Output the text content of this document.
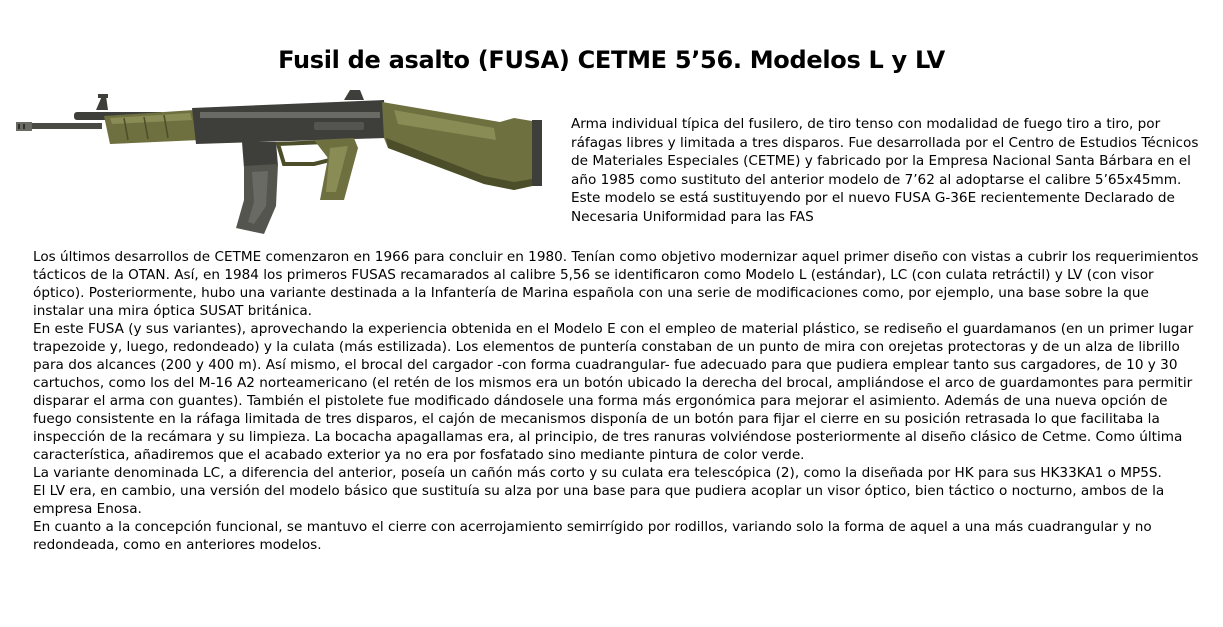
Fusil de asalto (FUSA) CETME 5’56. Modelos L y LV
Arma individual típica del fusilero, de tiro tenso con modalidad de fuego tiro a tiro, por ráfagas libres y limitada a tres disparos. Fue desarrollada por el Centro de Estudios Técnicos de Materiales Especiales (CETME) y fabricado por la Empresa Nacional Santa Bárbara en el año 1985 como sustituto del anterior modelo de 7’62 al adoptarse el calibre 5’65x45mm. Este modelo se está sustituyendo por el nuevo FUSA G-36E recientemente Declarado de Necesaria Uniformidad para las FAS

Los últimos desarrollos de CETME comenzaron en 1966 para concluir en 1980. Tenían como objetivo modernizar aquel primer diseño con vistas a cubrir los requerimientos tácticos de la OTAN. Así, en 1984 los primeros FUSAS recamarados al calibre 5,56 se identificaron como Modelo L (estándar), LC (con culata retráctil) y LV (con visor óptico). Posteriormente, hubo una variante destinada a la Infantería de Marina española con una serie de modificaciones como, por ejemplo, una base sobre la que instalar una mira óptica SUSAT británica.

En este FUSA (y sus variantes), aprovechando la experiencia obtenida en el Modelo E con el empleo de material plástico, se rediseño el guardamanos (en un primer lugar trapezoide y, luego, redondeado) y la culata (más estilizada). Los elementos de puntería constaban de un punto de mira con orejetas protectoras y de un alza de librillo para dos alcances (200 y 400 m). Así mismo, el brocal del cargador -con forma cuadrangular- fue adecuado para que pudiera emplear tanto sus cargadores, de 10 y 30 cartuchos, como los del M-16 A2 norteamericano (el retén de los mismos era un botón ubicado la derecha del brocal, ampliándose el arco de guardamontes para permitir disparar el arma con guantes). También el pistolete fue modificado dándosele una forma más ergonómica para mejorar el asimiento. Además de una nueva opción de fuego consistente en la ráfaga limitada de tres disparos, el cajón de mecanismos disponía de un botón para fijar el cierre en su posición retrasada lo que facilitaba la inspección de la recámara y su limpieza. La bocacha apagallamas era, al principio, de tres ranuras volviéndose posteriormente al diseño clásico de Cetme. Como última característica, añadiremos que el acabado exterior ya no era por fosfatado sino mediante pintura de color verde.

La variante denominada LC, a diferencia del anterior, poseía un cañón más corto y su culata era telescópica (2), como la diseñada por HK para sus HK33KA1 o MP5S.

El LV era, en cambio, una versión del modelo básico que sustituía su alza por una base para que pudiera acoplar un visor óptico, bien táctico o nocturno, ambos de la empresa Enosa.

En cuanto a la concepción funcional, se mantuvo el cierre con acerrojamiento semirrígido por rodillos, variando solo la forma de aquel a una más cuadrangular y no redondeada, como en anteriores modelos.
